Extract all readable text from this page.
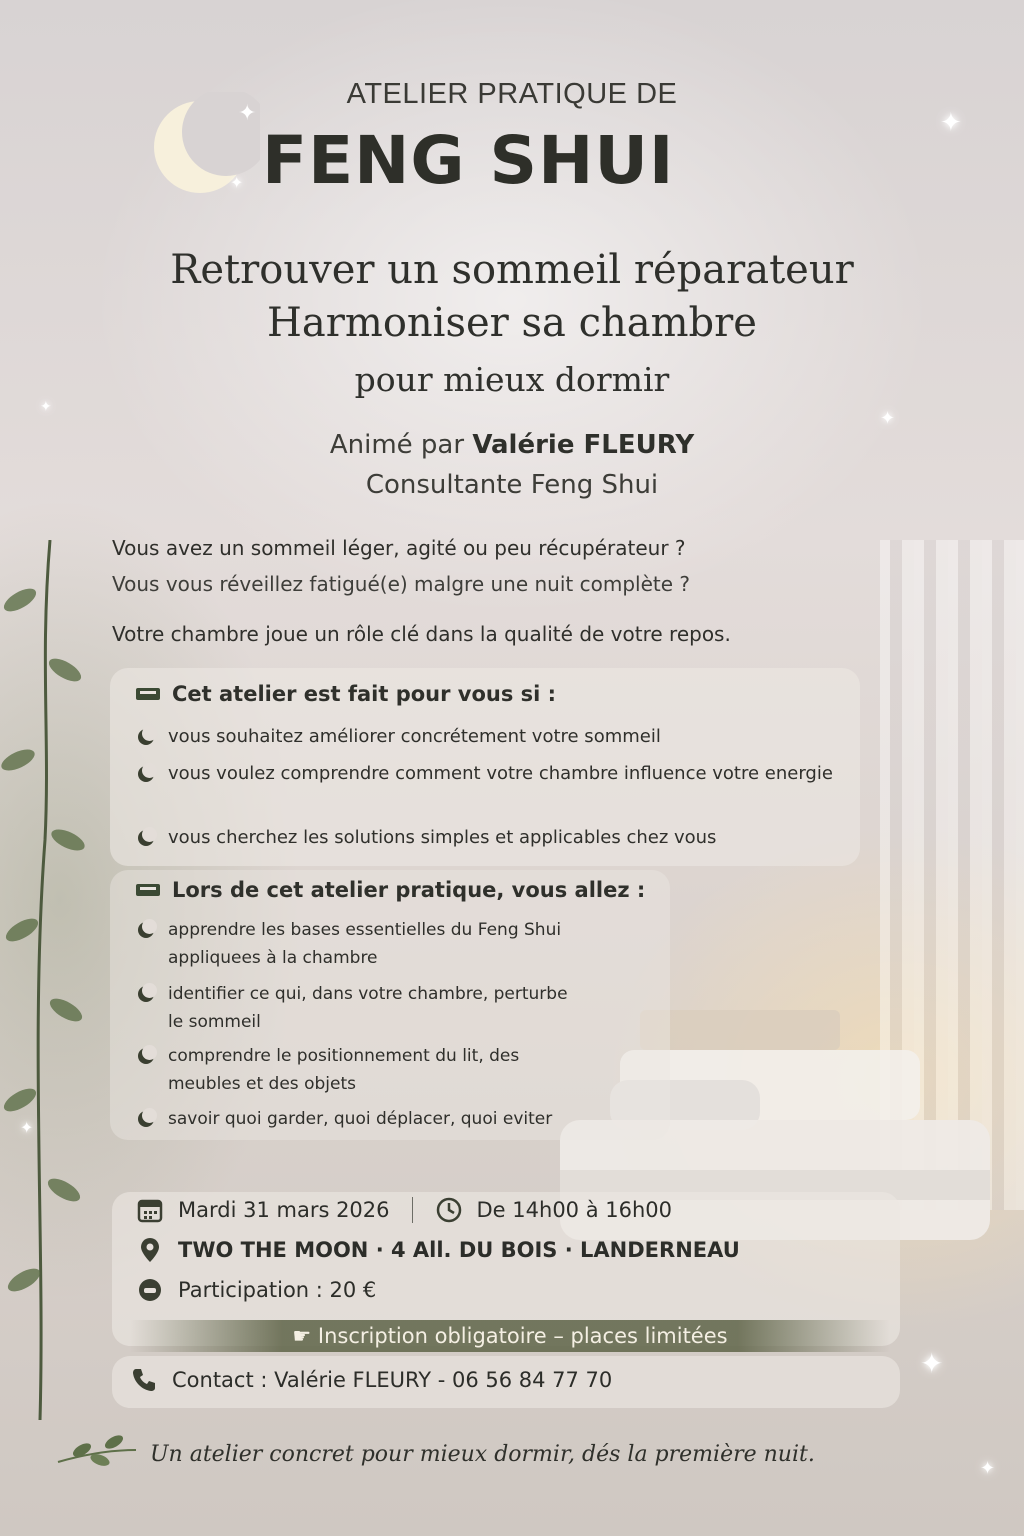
✦	✦
✦
✦
✦
✦
✦
✦
ATELIER PRATIQUE DE
FENG SHUI
Retrouver un sommeil réparateur
Harmoniser sa chambre
pour mieux dormir
Animé par Valérie FLEURY
Consultante Feng Shui
Vous avez un sommeil léger, agité ou peu récupérateur ?
Vous vous réveillez fatigué(e) malgre une nuit complète ?
Votre chambre joue un rôle clé dans la qualité de votre repos.
Cet atelier est fait pour vous si :
vous souhaitez améliorer concrétement votre sommeil
vous voulez comprendre comment votre chambre influence votre energie
vous cherchez les solutions simples et applicables chez vous
Lors de cet atelier pratique, vous allez :
apprendre les bases essentielles du Feng Shui appliquees à la chambre
identifier ce qui, dans votre chambre, perturbe le sommeil
comprendre le positionnement du lit, des meubles et des objets
savoir quoi garder, quoi déplacer, quoi eviter
Mardi 31 mars 2026	De 14h00 à 16h00
TWO THE MOON · 4 All. DU BOIS · LANDERNEAU
Participation : 20 €
☛ Inscription obligatoire – places limitées
Contact : Valérie FLEURY - 06 56 84 77 70
Un atelier concret pour mieux dormir, dés la première nuit.
